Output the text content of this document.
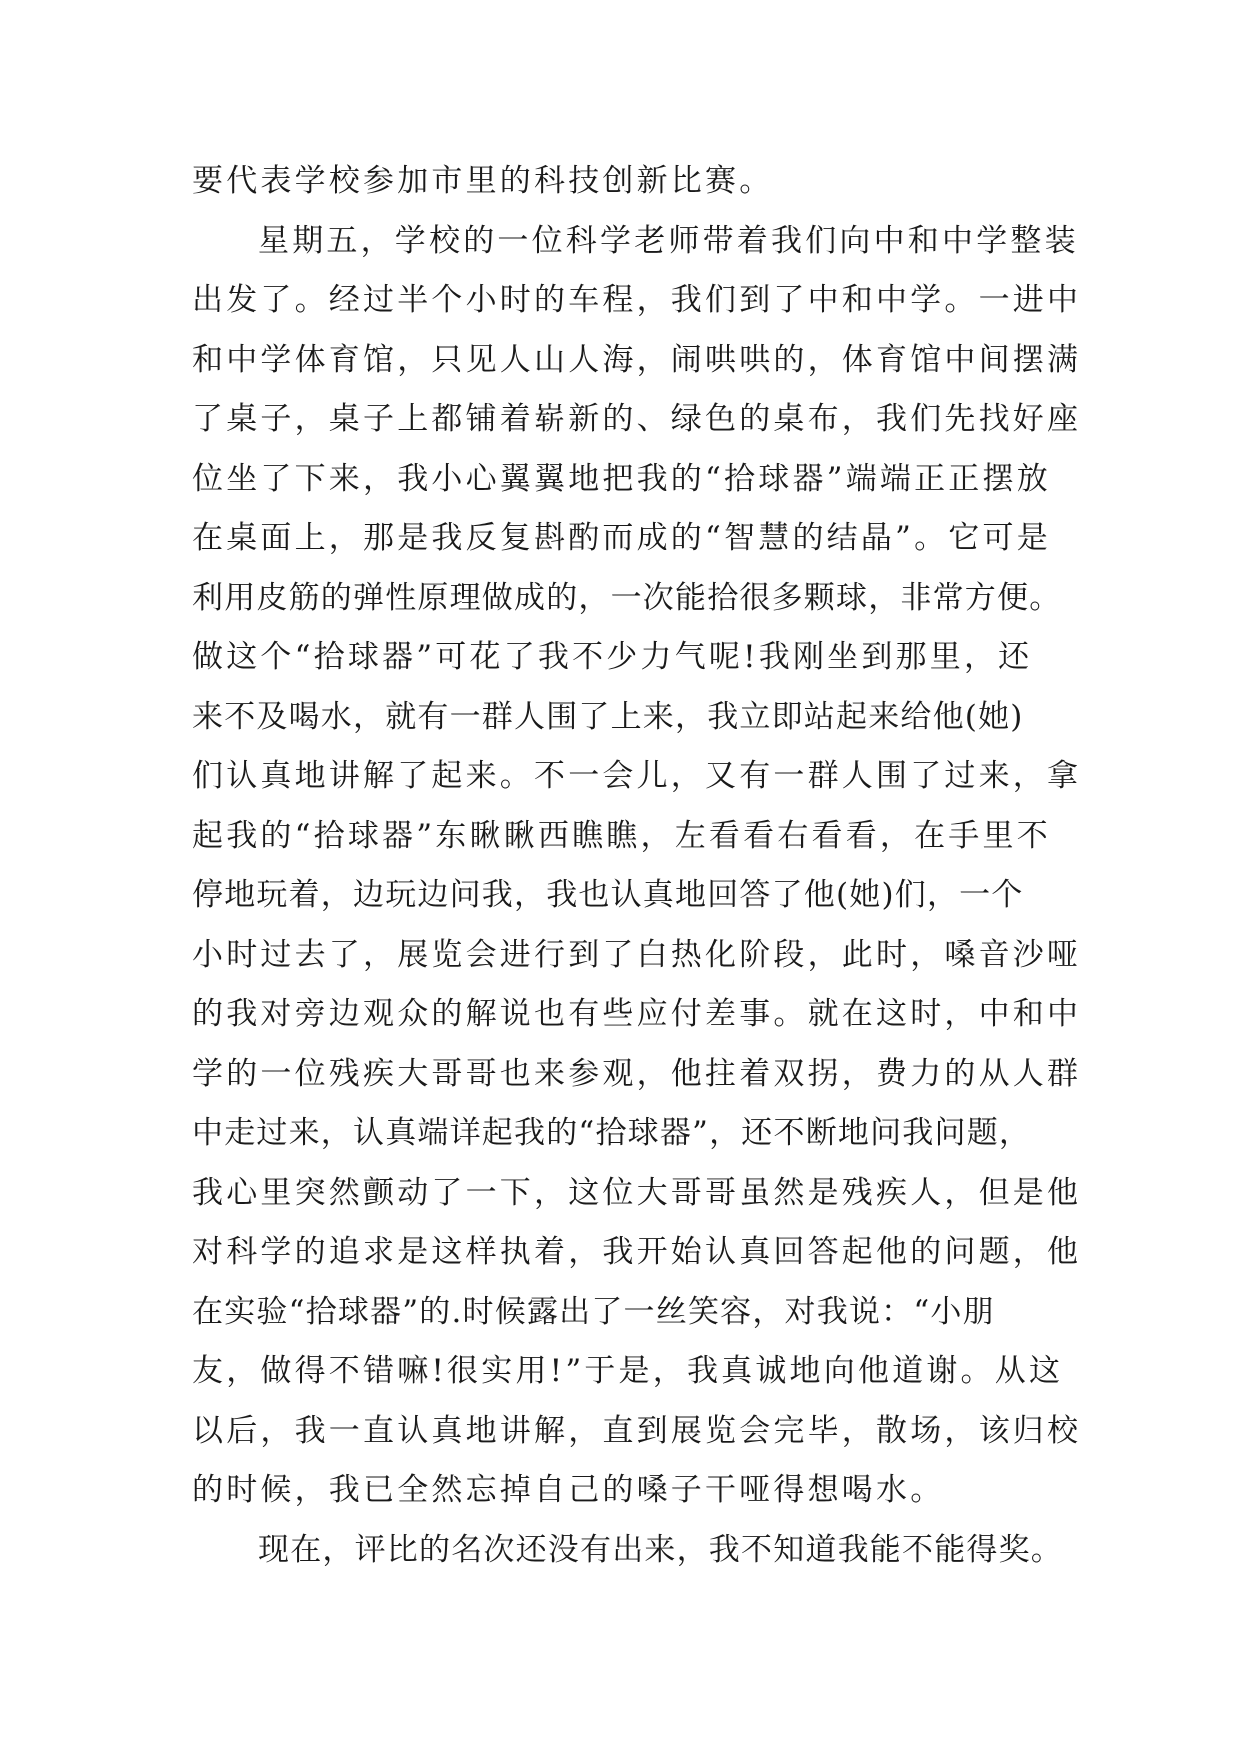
要代表学校参加市里的科技创新比赛。
星期五，学校的一位科学老师带着我们向中和中学整装
出发了。经过半个小时的车程，我们到了中和中学。一进中
和中学体育馆，只见人山人海，闹哄哄的，体育馆中间摆满
了桌子，桌子上都铺着崭新的、绿色的桌布，我们先找好座
位坐了下来，我小心翼翼地把我的“拾球器”端端正正摆放
在桌面上，那是我反复斟酌而成的“智慧的结晶”。它可是
利用皮筋的弹性原理做成的，一次能拾很多颗球，非常方便。
做这个“拾球器”可花了我不少力气呢!我刚坐到那里，还
来不及喝水，就有一群人围了上来，我立即站起来给他(她)
们认真地讲解了起来。不一会儿，又有一群人围了过来，拿
起我的“拾球器”东瞅瞅西瞧瞧，左看看右看看，在手里不
停地玩着，边玩边问我，我也认真地回答了他(她)们，一个
小时过去了，展览会进行到了白热化阶段，此时，嗓音沙哑
的我对旁边观众的解说也有些应付差事。就在这时，中和中
学的一位残疾大哥哥也来参观，他拄着双拐，费力的从人群
中走过来，认真端详起我的“拾球器”，还不断地问我问题，
我心里突然颤动了一下，这位大哥哥虽然是残疾人，但是他
对科学的追求是这样执着，我开始认真回答起他的问题，他
在实验“拾球器”的.时候露出了一丝笑容，对我说：“小朋
友，做得不错嘛!很实用!”于是，我真诚地向他道谢。从这
以后，我一直认真地讲解，直到展览会完毕，散场，该归校
的时候，我已全然忘掉自己的嗓子干哑得想喝水。
现在，评比的名次还没有出来，我不知道我能不能得奖。
